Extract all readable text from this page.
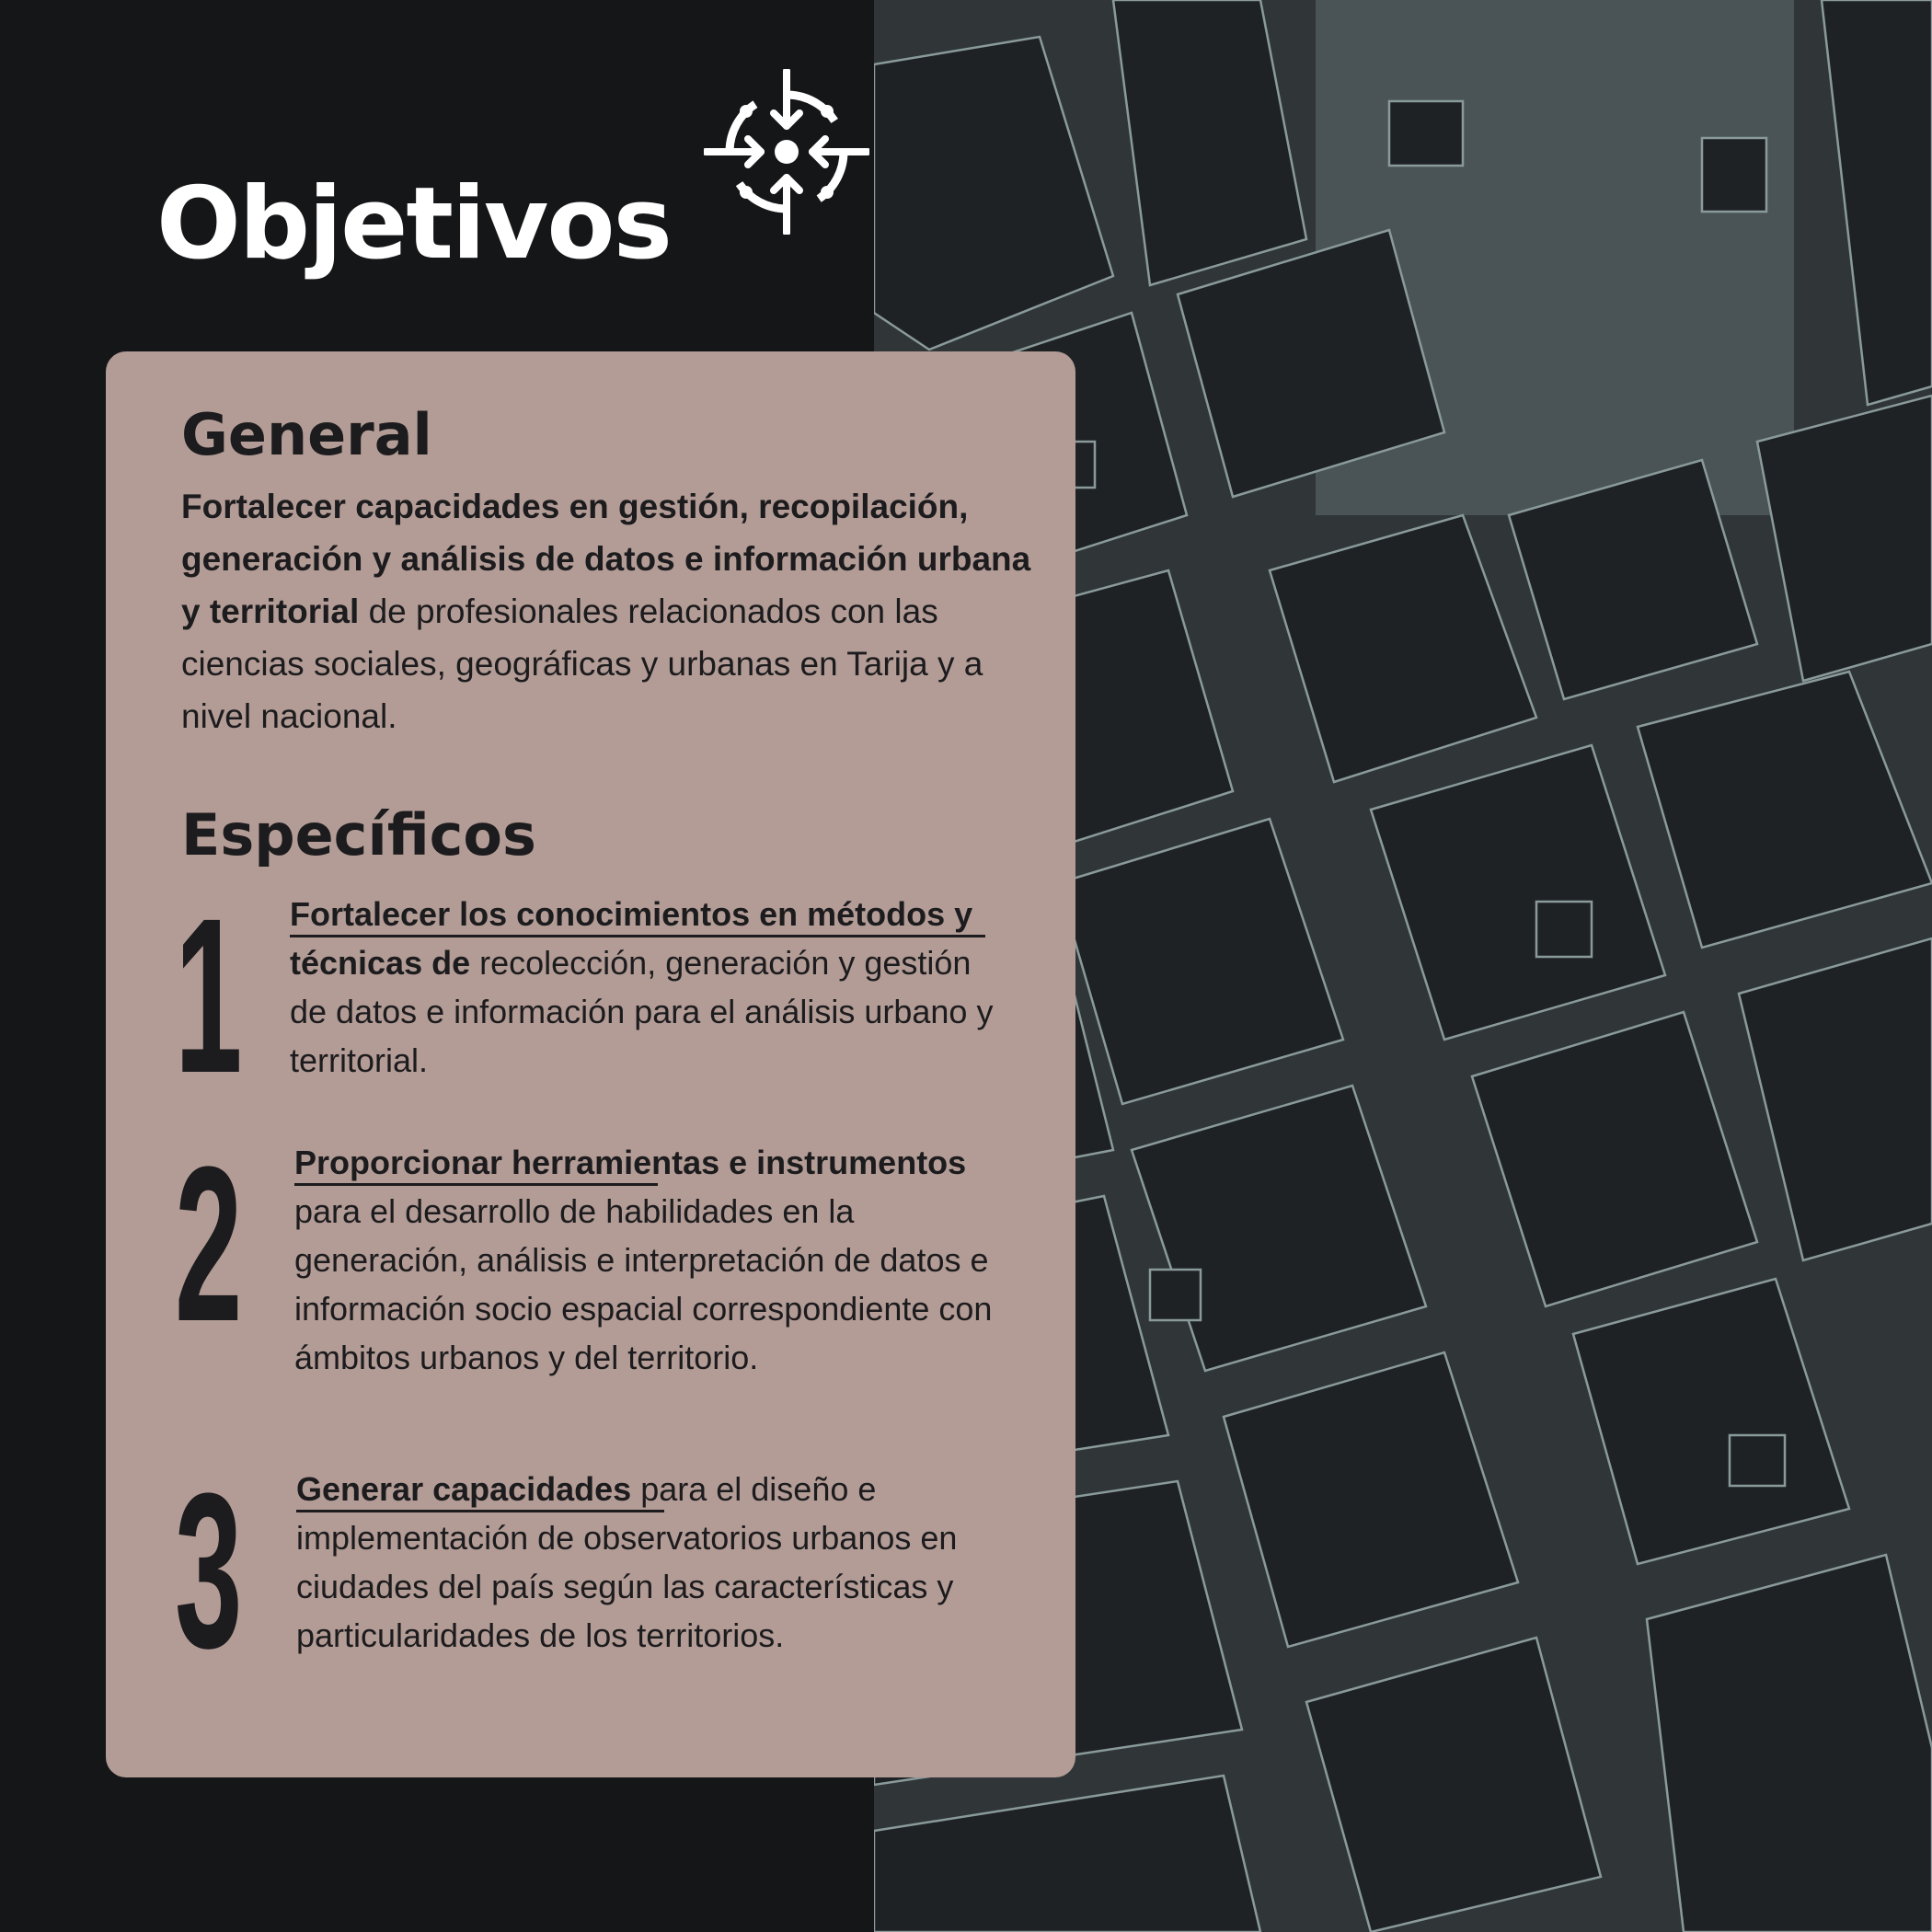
Objetivos
General
Fortalecer capacidades en gestión, recopilación, generación y análisis de datos e información urbana y territorial de profesionales relacionados con las ciencias sociales, geográficas y urbanas en Tarija y a nivel nacional.
Específicos
1 Fortalecer los conocimientos en métodos y técnicas de recolección, generación y gestión de datos e información para el análisis urbano y territorial.
2 Proporcionar herramientas e instrumentos para el desarrollo de habilidades en la generación, análisis e interpretación de datos e información socio espacial correspondiente con ámbitos urbanos y del territorio.
3 Generar capacidades para el diseño e implementación de observatorios urbanos en ciudades del país según las características y particularidades de los territorios.
